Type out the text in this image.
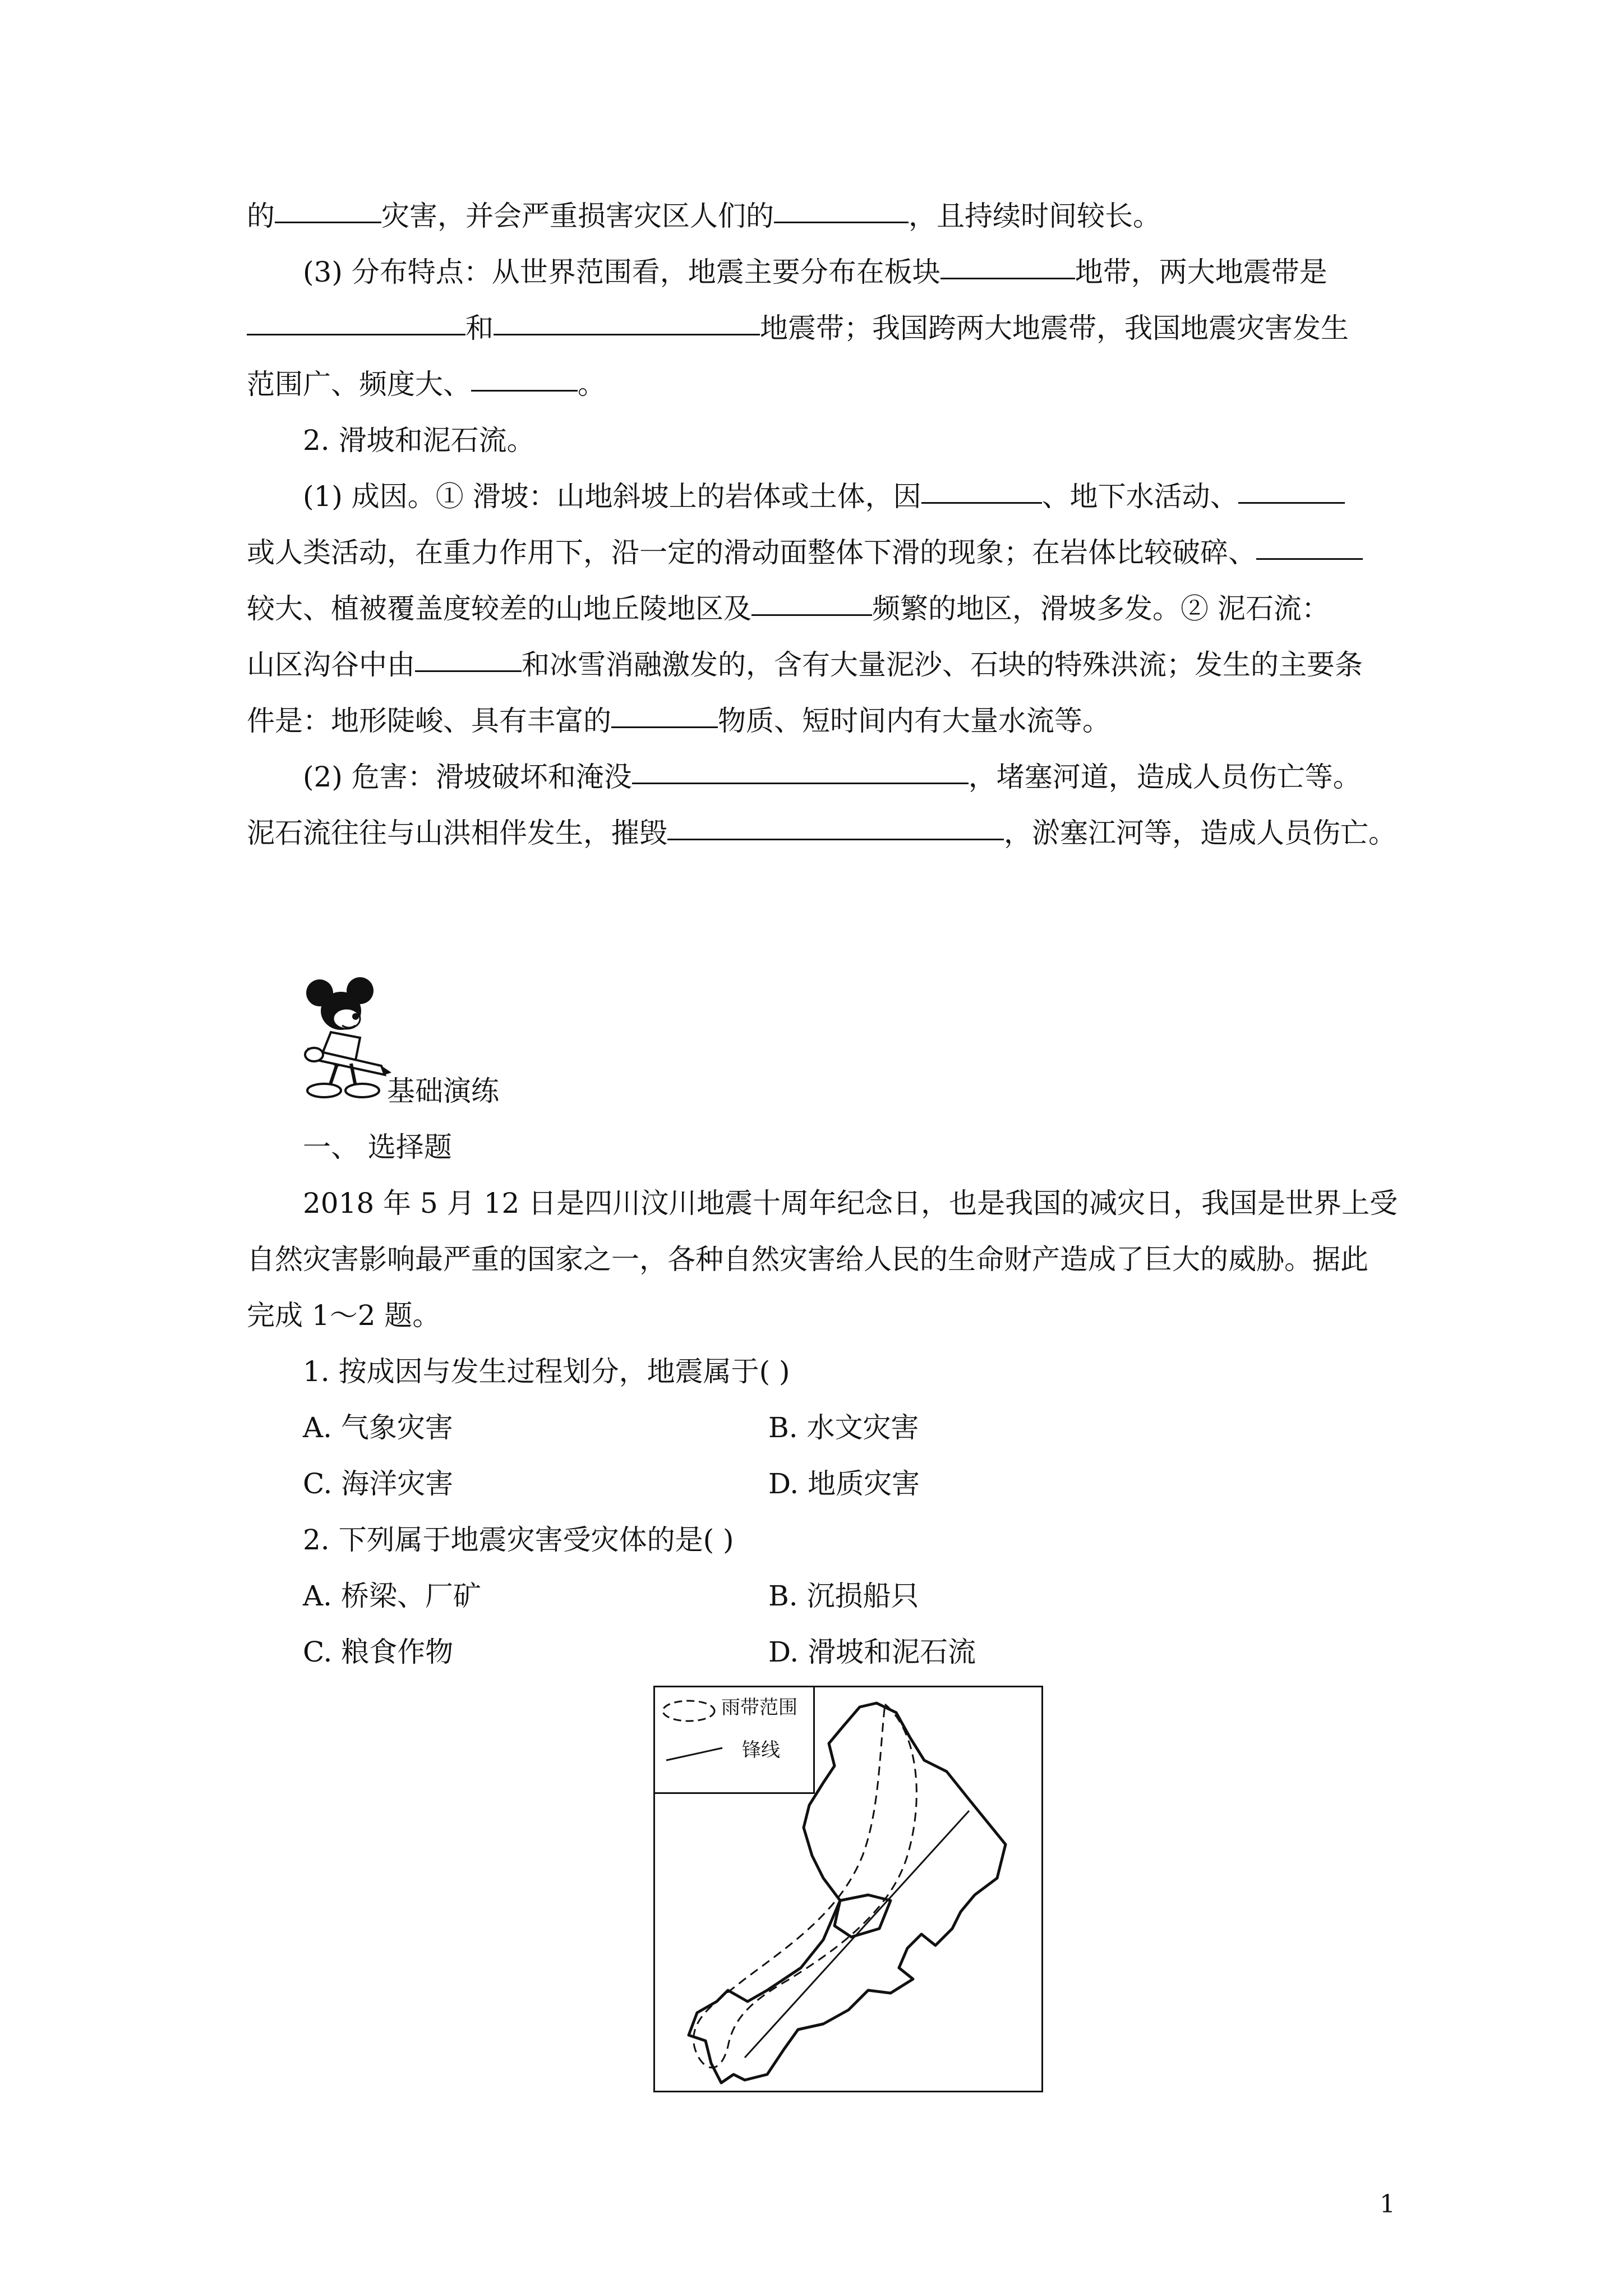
的	灾害，并会严重损害灾区人们的	，且持续时间较长。
(3) 分布特点：从世界范围看，地震主要分布在板块	地带，两大地震带是
和	地震带；我国跨两大地震带，我国地震灾害发生
范围广、频度大、	。
2. 滑坡和泥石流。
(1) 成因。① 滑坡：山地斜坡上的岩体或土体，因	、地下水活动、
或人类活动，在重力作用下，沿一定的滑动面整体下滑的现象；在岩体比较破碎、
较大、植被覆盖度较差的山地丘陵地区及	频繁的地区，滑坡多发。② 泥石流：
山区沟谷中由	和冰雪消融激发的，含有大量泥沙、石块的特殊洪流；发生的主要条
件是：地形陡峻、具有丰富的	物质、短时间内有大量水流等。
(2) 危害：滑坡破坏和淹没	，堵塞河道，造成人员伤亡等。
泥石流往往与山洪相伴发生，摧毁	，淤塞江河等，造成人员伤亡。
基础演练
一、 选择题
2018 年 5 月 12 日是四川汶川地震十周年纪念日，也是我国的减灾日，我国是世界上受
自然灾害影响最严重的国家之一，各种自然灾害给人民的生命财产造成了巨大的威胁。据此
完成 1～2 题。
1. 按成因与发生过程划分，地震属于( )
A. 气象灾害	B. 水文灾害
C. 海洋灾害	D. 地质灾害
2. 下列属于地震灾害受灾体的是( )
A. 桥梁、厂矿	B. 沉损船只
C. 粮食作物	D. 滑坡和泥石流
雨带范围
锋线
1
